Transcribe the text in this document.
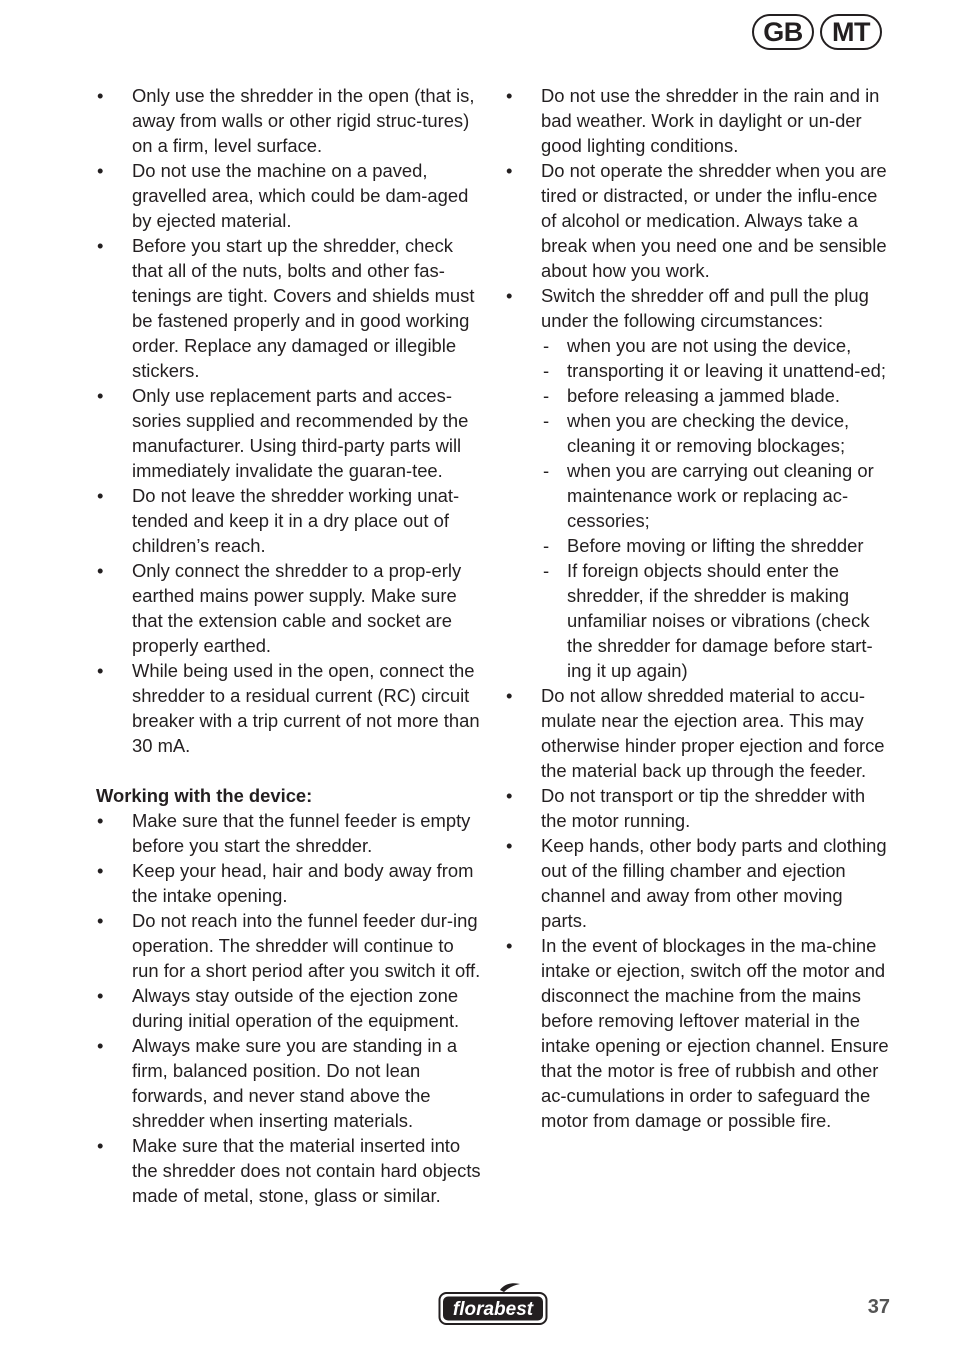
GB	MT
• Only use the shredder in the open (that is, away from walls or other rigid struc-tures) on a firm, level surface.
• Do not use the machine on a paved, gravelled area, which could be dam-aged by ejected material.
• Before you start up the shredder, check that all of the nuts, bolts and other fas-tenings are tight. Covers and shields must be fastened properly and in good working order. Replace any damaged or illegible stickers.
• Only use replacement parts and acces-sories supplied and recommended by the manufacturer. Using third-party parts will immediately invalidate the guaran-tee.
• Do not leave the shredder working unat-tended and keep it in a dry place out of children’s reach.
• Only connect the shredder to a prop-erly earthed mains power supply. Make sure that the extension cable and socket are properly earthed.
• While being used in the open, connect the shredder to a residual current (RC) circuit breaker with a trip current of not more than 30 mA.
Working with the device:
• Make sure that the funnel feeder is empty before you start the shredder.
• Keep your head, hair and body away from the intake opening.
• Do not reach into the funnel feeder dur-ing operation. The shredder will continue to run for a short period after you switch it off.
• Always stay outside of the ejection zone during initial operation of the equipment.
• Always make sure you are standing in a firm, balanced position. Do not lean forwards, and never stand above the shredder when inserting materials.
• Make sure that the material inserted into the shredder does not contain hard objects made of metal, stone, glass or similar.
• Do not use the shredder in the rain and in bad weather. Work in daylight or un-der good lighting conditions.
• Do not operate the shredder when you are tired or distracted, or under the influ-ence of alcohol or medication. Always take a break when you need one and be sensible about how you work.
• Switch the shredder off and pull the plug under the following circumstances:
- when you are not using the device,
- transporting it or leaving it unattend-ed;
- before releasing a jammed blade.
- when you are checking the device, cleaning it or removing blockages;
- when you are carrying out cleaning or maintenance work or replacing ac-cessories;
- Before moving or lifting the shredder
- If foreign objects should enter the shredder, if the shredder is making unfamiliar noises or vibrations (check the shredder for damage before start-ing it up again)
• Do not allow shredded material to accu-mulate near the ejection area. This may otherwise hinder proper ejection and force the material back up through the feeder.
• Do not transport or tip the shredder with the motor running.
• Keep hands, other body parts and clothing out of the filling chamber and ejection channel and away from other moving parts.
• In the event of blockages in the ma-chine intake or ejection, switch off the motor and disconnect the machine from the mains before removing leftover material in the intake opening or ejection channel. Ensure that the motor is free of rubbish and other ac-cumulations in order to safeguard the motor from damage or possible fire.
florabest	37
